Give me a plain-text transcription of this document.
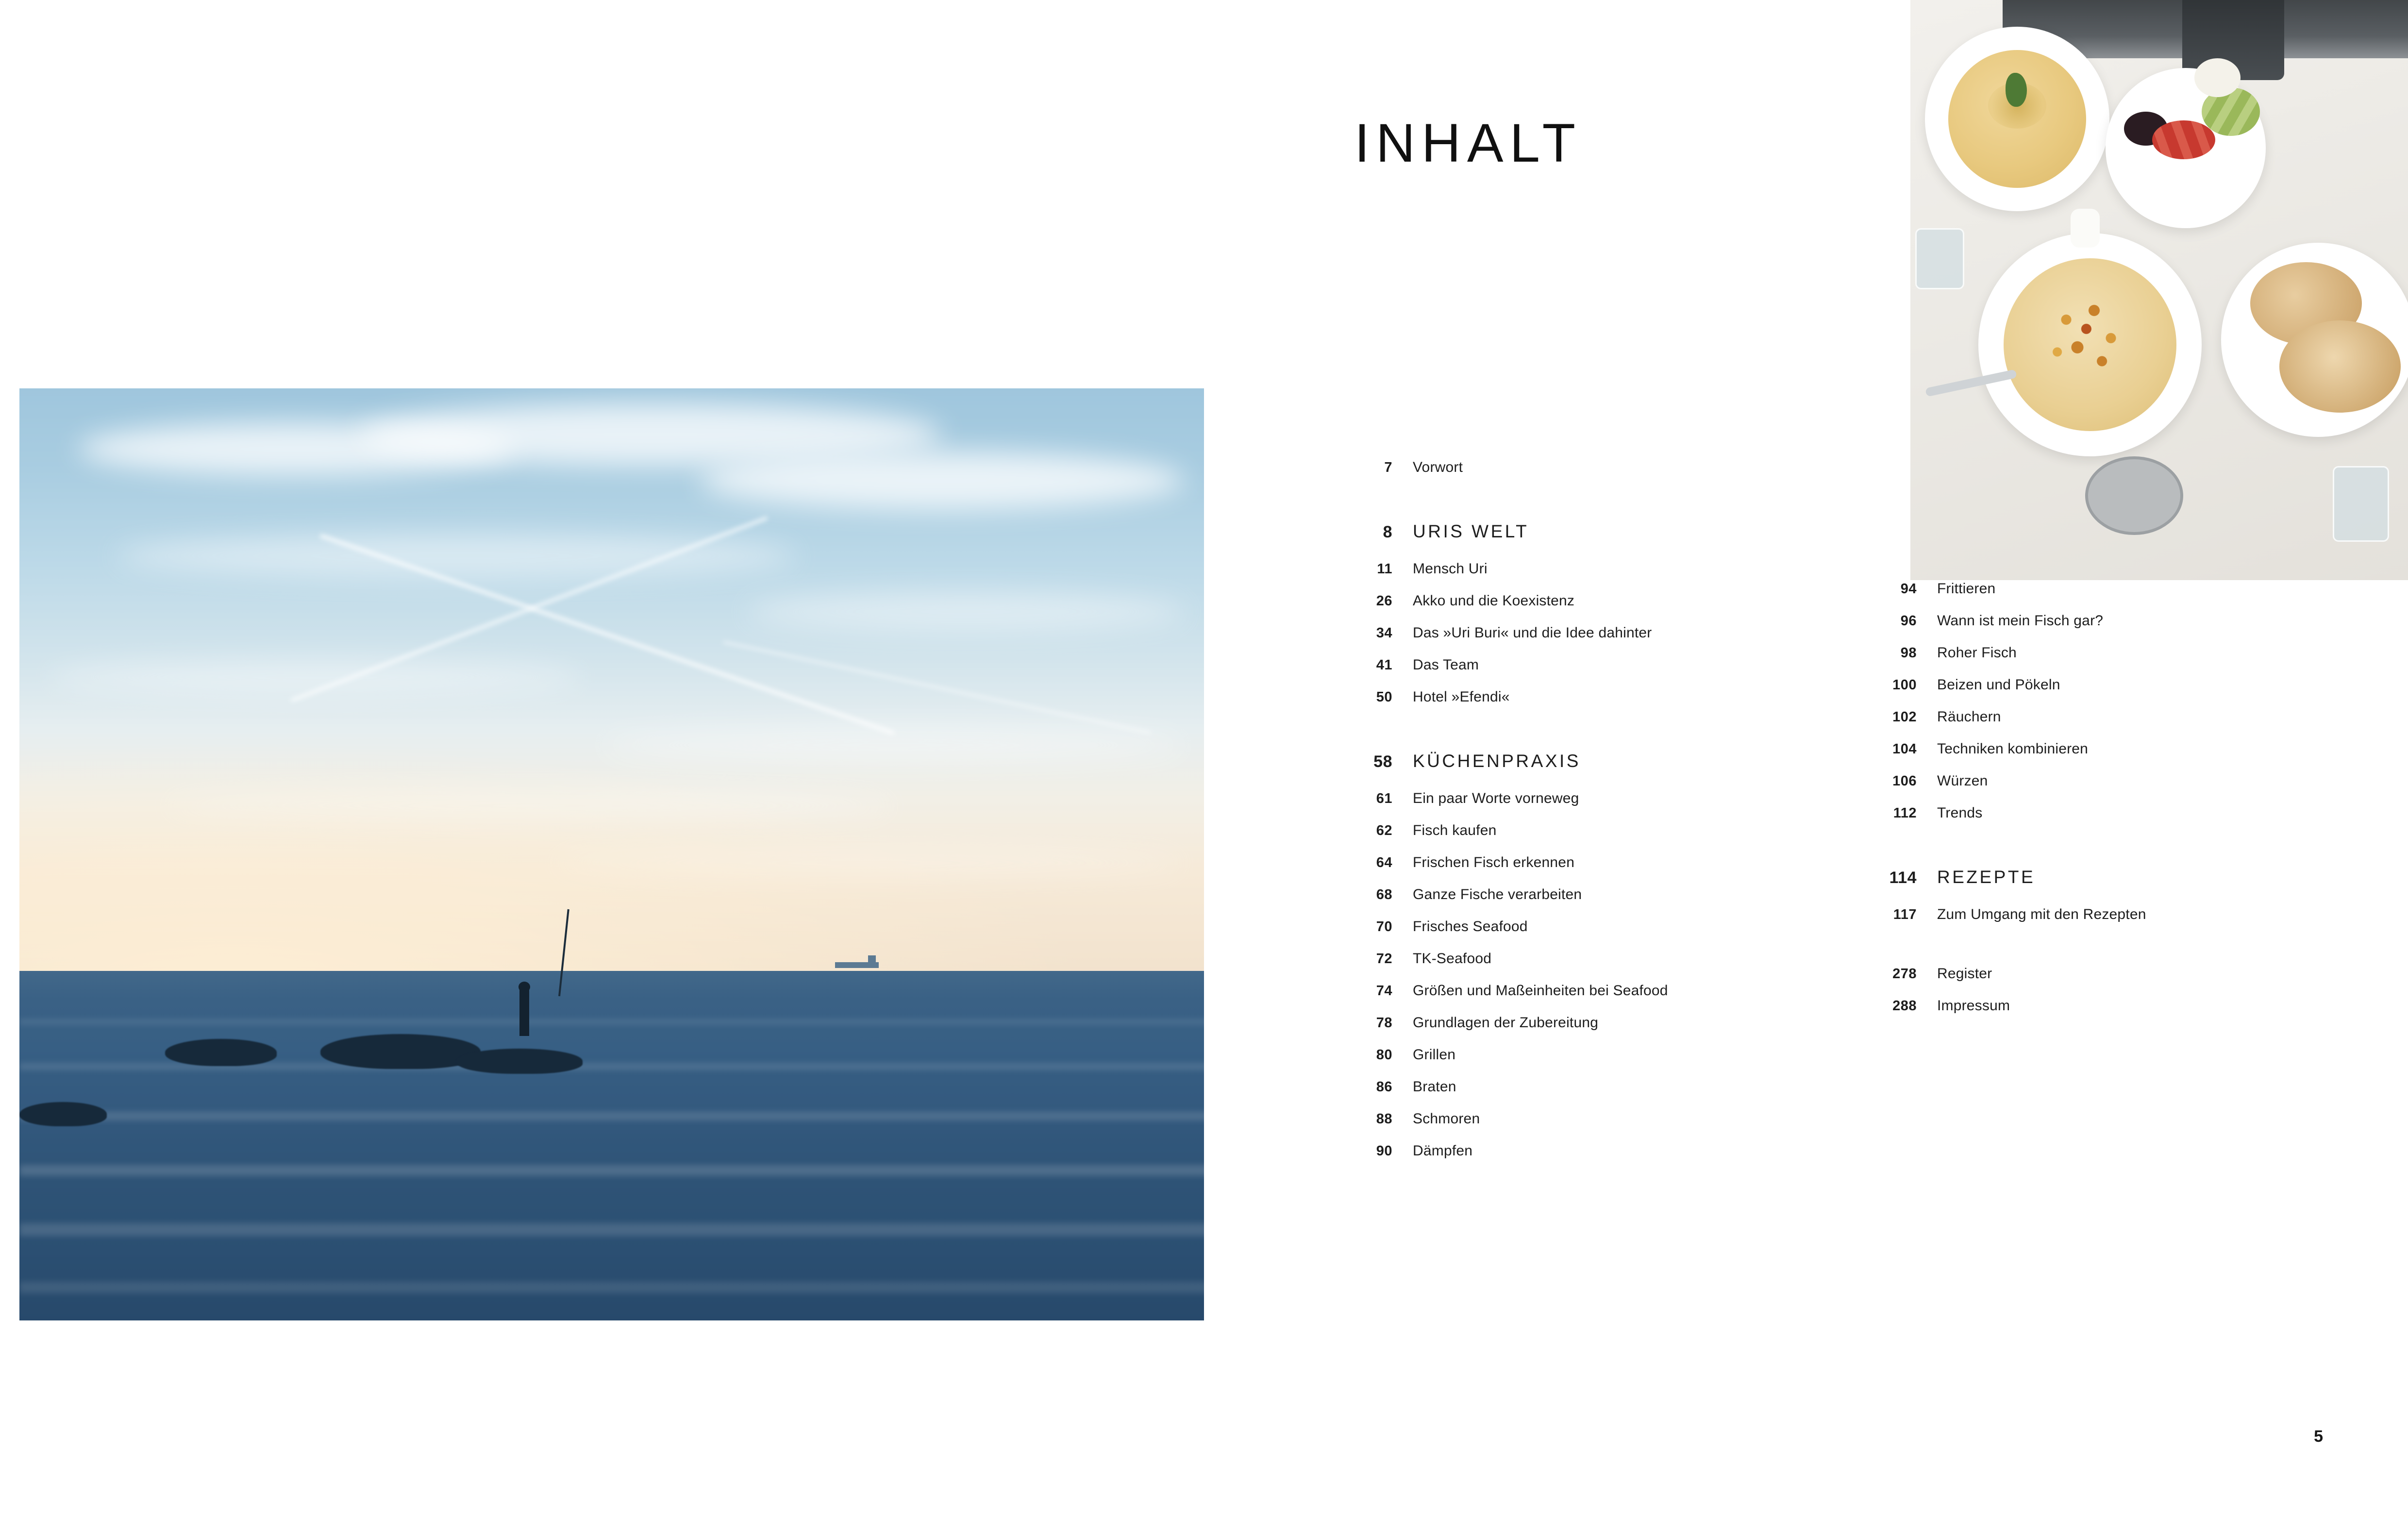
INHALT
7	Vorwort
8	URIS WELT
11	Mensch Uri
26	Akko und die Koexistenz
34	Das »Uri Buri« und die Idee dahinter
41	Das Team
50	Hotel »Efendi«
58	KÜCHENPRAXIS
61	Ein paar Worte vorneweg
62	Fisch kaufen
64	Frischen Fisch erkennen
68	Ganze Fische verarbeiten
70	Frisches Seafood
72	TK-Seafood
74	Größen und Maßeinheiten bei Seafood
78	Grundlagen der Zubereitung
80	Grillen
86	Braten
88	Schmoren
90	Dämpfen

94	Frittieren
96	Wann ist mein Fisch gar?
98	Roher Fisch
100	Beizen und Pökeln
102	Räuchern
104	Techniken kombinieren
106	Würzen
112	Trends
114	REZEPTE
117	Zum Umgang mit den Rezepten
278	Register
288	Impressum
5
